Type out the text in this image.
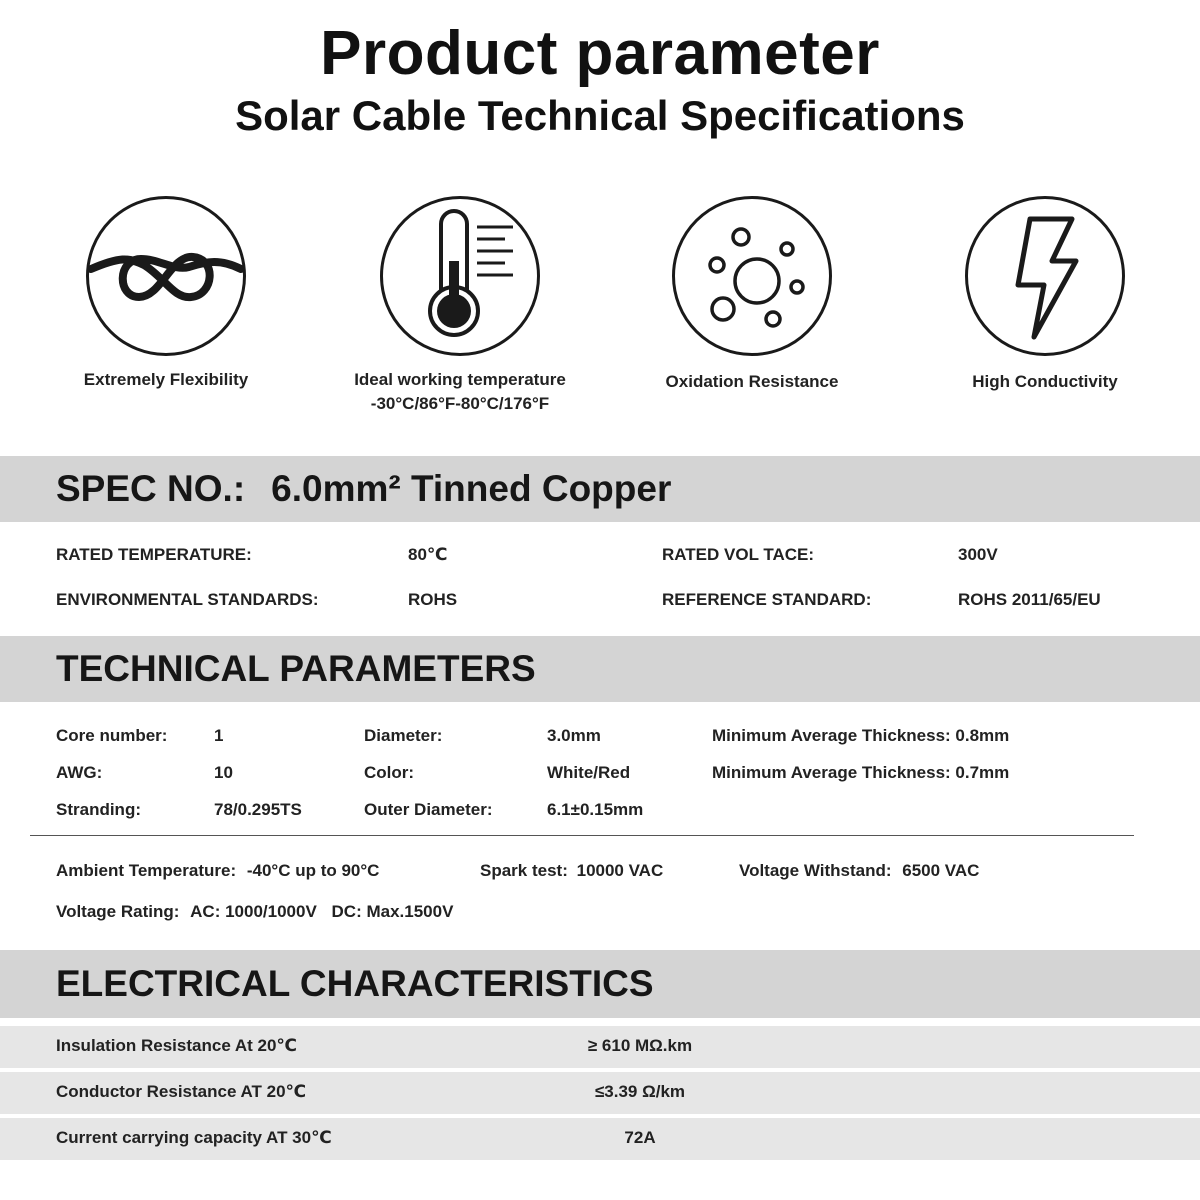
Product parameter
Solar Cable Technical Specifications
Extremely Flexibility	Ideal working temperature
-30°C/86°F-80°C/176°F
Oxidation Resistance	High Conductivity
SPEC NO.: 6.0mm² Tinned Copper
RATED TEMPERATURE:	80℃	RATED VOL TACE:	300V
ENVIRONMENTAL STANDARDS:	ROHS	REFERENCE STANDARD:	ROHS 2011/65/EU
TECHNICAL PARAMETERS
Core number:	1	Diameter:	3.0mm	Minimum Average Thickness: 0.8mm
AWG:	10	Color:	White/Red	Minimum Average Thickness: 0.7mm
Stranding:	78/0.295TS	Outer Diameter:	6.1±0.15mm
Ambient Temperature: -40°C up to 90°C	Spark test: 10000 VAC	Voltage Withstand: 6500 VAC
Voltage Rating: AC: 1000/1000V DC: Max.1500V
ELECTRICAL CHARACTERISTICS
Insulation Resistance At 20℃	≥ 610 MΩ.km
Conductor Resistance AT 20℃	≤3.39 Ω/km
Current carrying capacity AT 30℃	72A
